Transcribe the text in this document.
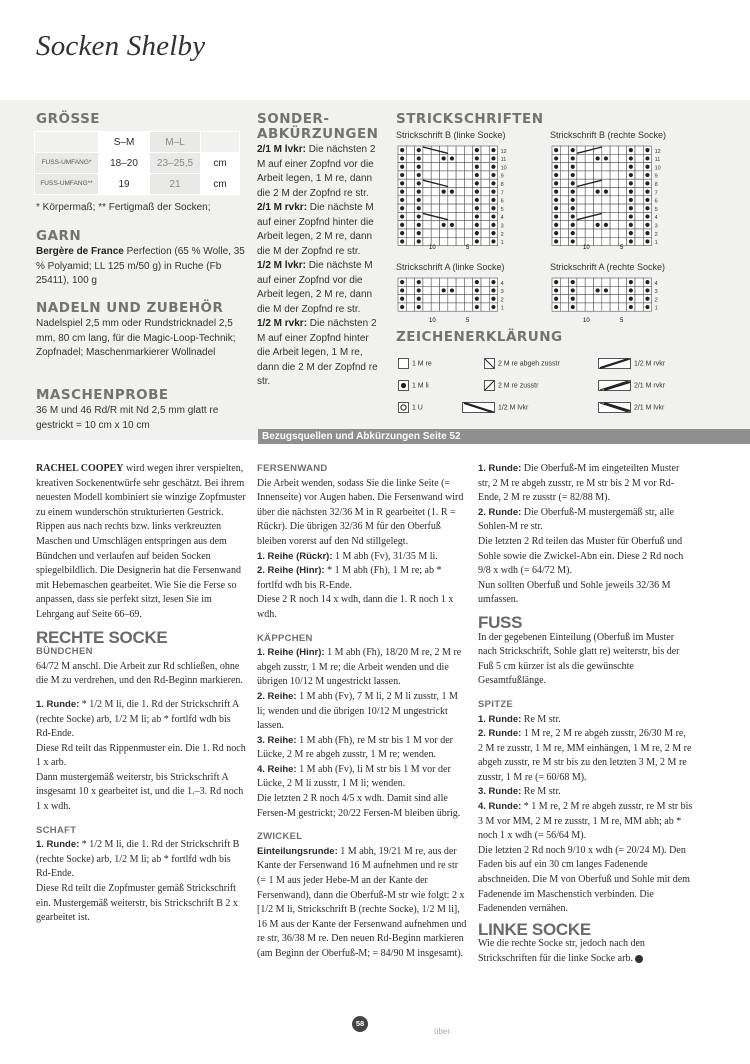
Socken Shelby
GRÖSSE
	S–M	M–L	
FUSS-UMFANG*	18–20	23–25,5	cm
FUSS-UMFANG**	19	21	cm
* Körpermaß; ** Fertigmaß der Socken;
GARN
Bergère de France Perfection (65 % Wolle, 35 % Polyamid; LL 125 m/50 g) in Ruche (Fb 25411), 100 g
NADELN UND ZUBEHÖR
Nadelspiel 2,5 mm oder Rundstricknadel 2,5 mm, 80 cm lang, für die Magic-Loop-Technik; Zopfnadel; Maschenmarkierer Wollnadel
MASCHENPROBE
36 M und 46 Rd/R mit Nd 2,5 mm glatt re gestrickt = 10 cm x 10 cm
SONDER-
ABKÜRZUNGEN
2/1 M lvkr: Die nächsten 2 M auf einer Zopfnd vor die Arbeit legen, 1 M re, dann die 2 M der Zopfnd re str.
2/1 M rvkr: Die nächste M auf einer Zopfnd hinter die Arbeit legen, 2 M re, dann die M der Zopfnd re str.
1/2 M lvkr: Die nächste M auf einer Zopfnd vor die Arbeit legen, 2 M re, dann die M der Zopfnd re str.
1/2 M rvkr: Die nächsten 2 M auf einer Zopfnd hinter die Arbeit legen, 1 M re, dann die 2 M der Zopfnd re str.
STRICKSCHRIFTEN
Strickschrift B (linke Socke)	Strickschrift B (rechte Socke)
Strickschrift A (linke Socke)	Strickschrift A (rechte Socke)
12
11
10
9
8
7
6
5
4
3
2
1
10	5
12
11
10
9
8
7
6
5
4
3
2
1
10	5
4
3
2
1
10	5
4
3
2
1
10	5
ZEICHENERKLÄRUNG
1 M re	2 M re abgeh zusstr	1/2 M rvkr
1 M li	2 M re zusstr	2/1 M rvkr
1 U	1/2 M lvkr	2/1 M lvkr
Bezugsquellen und Abkürzungen Seite 52

RACHEL COOPEY wird wegen ihrer verspielten, kreativen Sockenentwürfe sehr geschätzt. Bei ihrem neuesten Modell kombiniert sie winzige Zopfmuster zu einem wunderschön strukturierten Gestrick. Rippen aus nach rechts bzw. links verkreuzten Maschen und Umschlägen entspringen aus dem Bündchen und verlaufen auf beiden Socken spiegelbildlich. Die Designerin hat die Fersenwand mit Hebemaschen gearbeitet. Wie Sie die Ferse so anpassen, dass sie perfekt sitzt, lesen Sie im Lehrgang auf Seite 66–69.

RECHTE SOCKE
BÜNDCHEN

64/72 M anschl. Die Arbeit zur Rd schließen, ohne die M zu verdrehen, und den Rd-Beginn markieren.

1. Runde: * 1/2 M li, die 1. Rd der Strickschrift A (rechte Socke) arb, 1/2 M li; ab * fortlfd wdh bis Rd-Ende.

Diese Rd teilt das Rippenmuster ein. Die 1. Rd noch 1 x arb.

Dann mustergemäß weiterstr, bis Strickschrift A insgesamt 10 x gearbeitet ist, und die 1.–3. Rd noch 1 x wdh.

SCHAFT

1. Runde: * 1/2 M li, die 1. Rd der Strickschrift B (rechte Socke) arb, 1/2 M li; ab * fortlfd wdh bis Rd-Ende.

Diese Rd teilt die Zopfmuster gemäß Strickschrift ein. Mustergemäß weiterstr, bis Strickschrift B 2 x gearbeitet ist.

FERSENWAND

Die Arbeit wenden, sodass Sie die linke Seite (= Innenseite) vor Augen haben. Die Fersenwand wird über die nächsten 32/36 M in R gearbeitet (1. R = Rückr). Die übrigen 32/36 M für den Oberfuß bleiben vorerst auf den Nd stillgelegt.

1. Reihe (Rückr): 1 M abh (Fv), 31/35 M li.

2. Reihe (Hinr): * 1 M abh (Fh), 1 M re; ab * fortlfd wdh bis R-Ende.

Diese 2 R noch 14 x wdh, dann die 1. R noch 1 x wdh.

KÄPPCHEN

1. Reihe (Hinr): 1 M abh (Fh), 18/20 M re, 2 M re abgeh zusstr, 1 M re; die Arbeit wenden und die übrigen 10/12 M ungestrickt lassen.

2. Reihe: 1 M abh (Fv), 7 M li, 2 M li zusstr, 1 M li; wenden und die übrigen 10/12 M ungestrickt lassen.

3. Reihe: 1 M abh (Fh), re M str bis 1 M vor der Lücke, 2 M re abgeh zusstr, 1 M re; wenden.

4. Reihe: 1 M abh (Fv), li M str bis 1 M vor der Lücke, 2 M li zusstr, 1 M li; wenden.

Die letzten 2 R noch 4/5 x wdh. Damit sind alle Fersen-M gestrickt; 20/22 Fersen-M bleiben übrig.

ZWICKEL

Einteilungsrunde: 1 M abh, 19/21 M re, aus der Kante der Fersenwand 16 M aufnehmen und re str (= 1 M aus jeder Hebe-M an der Kante der Fersenwand), dann die Oberfuß-M str wie folgt: 2 x [1/2 M li, Strickschrift B (rechte Socke), 1/2 M li], 16 M aus der Kante der Fersenwand aufnehmen und re str, 36/38 M re. Den neuen Rd-Beginn markieren (am Beginn der Oberfuß-M; = 84/90 M insgesamt).

1. Runde: Die Oberfuß-M im eingeteilten Muster str, 2 M re abgeh zusstr, re M str bis 2 M vor Rd-Ende, 2 M re zusstr (= 82/88 M).

2. Runde: Die Oberfuß-M mustergemäß str, alle Sohlen-M re str.

Die letzten 2 Rd teilen das Muster für Oberfuß und Sohle sowie die Zwickel-Abn ein. Diese 2 Rd noch 9/8 x wdh (= 64/72 M).

Nun sollten Oberfuß und Sohle jeweils 32/36 M umfassen.

FUSS

In der gegebenen Einteilung (Oberfuß im Muster nach Strickschrift, Sohle glatt re) weiterstr, bis der Fuß 5 cm kürzer ist als die gewünschte Gesamtfußlänge.

SPITZE

1. Runde: Re M str.

2. Runde: 1 M re, 2 M re abgeh zusstr, 26/30 M re, 2 M re zusstr, 1 M re, MM einhängen, 1 M re, 2 M re abgeh zusstr, re M str bis zu den letzten 3 M, 2 M re zusstr, 1 M re (= 60/68 M).

3. Runde: Re M str.

4. Runde: * 1 M re, 2 M re abgeh zusstr, re M str bis 3 M vor MM, 2 M re zusstr, 1 M re, MM abh; ab * noch 1 x wdh (= 56/64 M).

Die letzten 2 Rd noch 9/10 x wdh (= 20/24 M). Den Faden bis auf ein 30 cm langes Fadenende abschneiden. Die M von Oberfuß und Sohle mit dem Fadenende im Maschenstich verbinden. Die Fadenenden vernähen.

LINKE SOCKE

Wie die rechte Socke str, jedoch nach den Strickschriften für die linke Socke arb.

58
über
